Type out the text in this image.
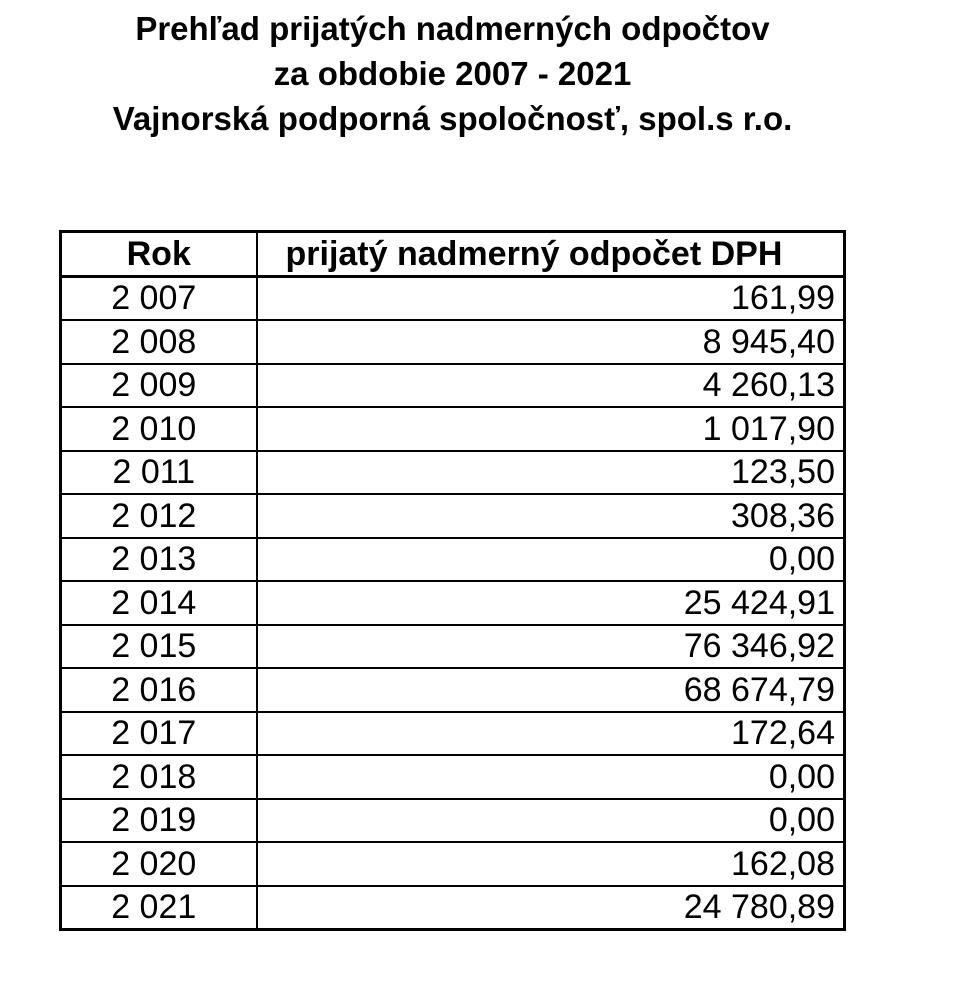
Prehľad prijatých nadmerných odpočtov
za obdobie 2007 - 2021
Vajnorská podporná spoločnosť, spol.s r.o.
Rok	prijatý nadmerný odpočet DPH
2 007	161,99
2 008	8 945,40
2 009	4 260,13
2 010	1 017,90
2 011	123,50
2 012	308,36
2 013	0,00
2 014	25 424,91
2 015	76 346,92
2 016	68 674,79
2 017	172,64
2 018	0,00
2 019	0,00
2 020	162,08
2 021	24 780,89
